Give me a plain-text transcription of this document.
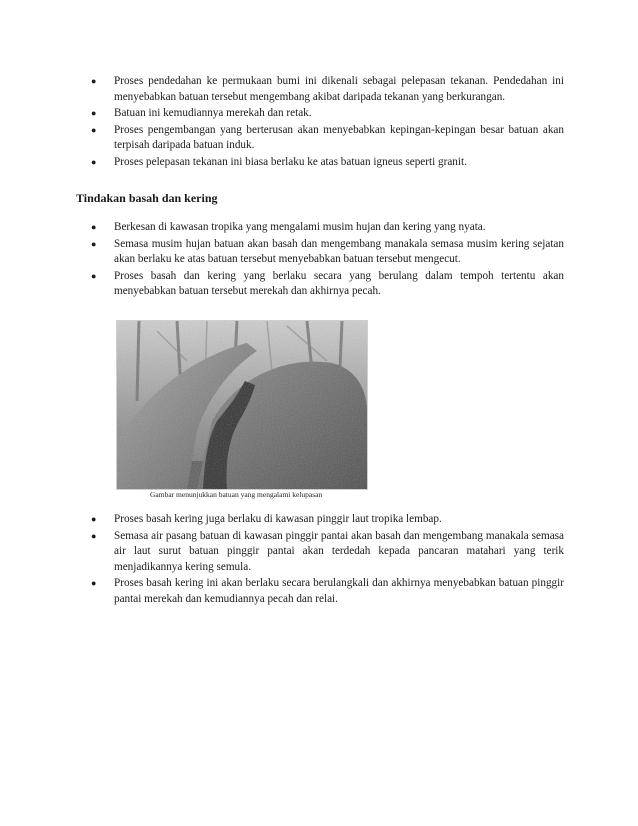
● Proses pendedahan ke permukaan bumi ini dikenali sebagai pelepasan tekanan. Pendedahan ini menyebabkan batuan tersebut mengembang akibat daripada tekanan yang berkurangan.
● Batuan ini kemudiannya merekah dan retak.
● Proses pengembangan yang berterusan akan menyebabkan kepingan-kepingan besar batuan akan terpisah daripada batuan induk.
● Proses pelepasan tekanan ini biasa berlaku ke atas batuan igneus seperti granit.
Tindakan basah dan kering
● Berkesan di kawasan tropika yang mengalami musim hujan dan kering yang nyata.
● Semasa musim hujan batuan akan basah dan mengembang manakala semasa musim kering sejatan akan berlaku ke atas batuan tersebut menyebabkan batuan tersebut mengecut.
● Proses basah dan kering yang berlaku secara yang berulang dalam tempoh tertentu akan menyebabkan batuan tersebut merekah dan akhirnya pecah.
Gambar menunjukkan batuan yang mengalami kelupasan
● Proses basah kering juga berlaku di kawasan pinggir laut tropika lembap.
● Semasa air pasang batuan di kawasan pinggir pantai akan basah dan mengembang manakala semasa air laut surut batuan pinggir pantai akan terdedah kepada pancaran matahari yang terik menjadikannya kering semula.
● Proses basah kering ini akan berlaku secara berulangkali dan akhirnya menyebabkan batuan pinggir pantai merekah dan kemudiannya pecah dan relai.
